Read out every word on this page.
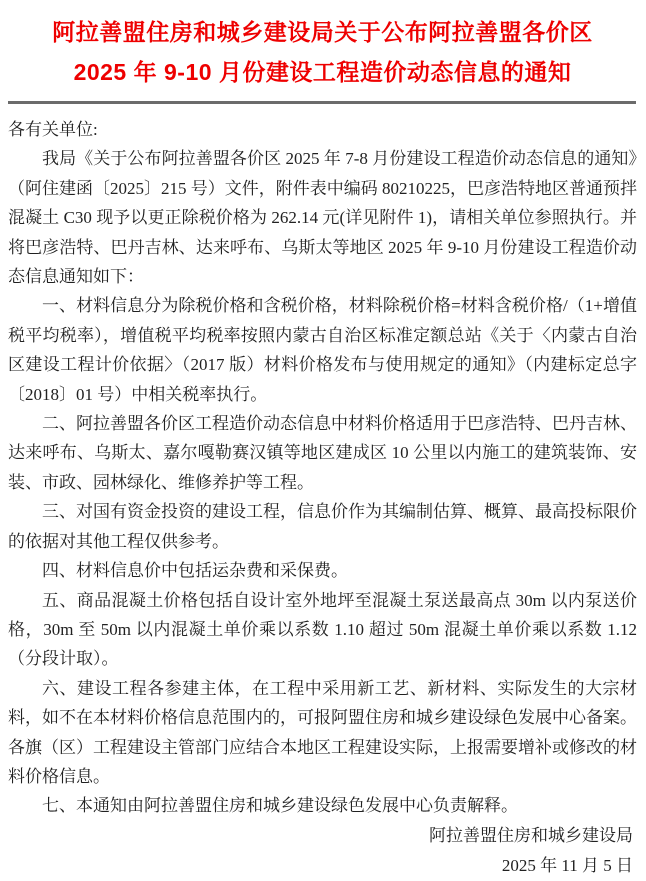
阿拉善盟住房和城乡建设局关于公布阿拉善盟各价区
2025 年 9-10 月份建设工程造价动态信息的通知

各有关单位:

我局《关于公布阿拉善盟各价区 2025 年 7-8 月份建设工程造价动态信息的通知》（阿住建函〔2025〕215 号）文件，附件表中编码 80210225，巴彦浩特地区普通预拌混凝土 C30 现予以更正除税价格为 262.14 元(详见附件 1)，请相关单位参照执行。并将巴彦浩特、巴丹吉林、达来呼布、乌斯太等地区 2025 年 9-10 月份建设工程造价动态信息通知如下：

一、材料信息分为除税价格和含税价格，材料除税价格=材料含税价格/（1+增值税平均税率），增值税平均税率按照内蒙古自治区标准定额总站《关于〈内蒙古自治区建设工程计价依据〉（2017 版）材料价格发布与使用规定的通知》（内建标定总字〔2018〕01 号）中相关税率执行。

二、阿拉善盟各价区工程造价动态信息中材料价格适用于巴彦浩特、巴丹吉林、达来呼布、乌斯太、嘉尔嘎勒赛汉镇等地区建成区 10 公里以内施工的建筑装饰、安装、市政、园林绿化、维修养护等工程。

三、对国有资金投资的建设工程，信息价作为其编制估算、概算、最高投标限价的依据对其他工程仅供参考。

四、材料信息价中包括运杂费和采保费。

五、商品混凝土价格包括自设计室外地坪至混凝土泵送最高点 30m 以内泵送价格，30m 至 50m 以内混凝土单价乘以系数 1.10 超过 50m 混凝土单价乘以系数 1.12（分段计取）。

六、建设工程各参建主体，在工程中采用新工艺、新材料、实际发生的大宗材料，如不在本材料价格信息范围内的，可报阿盟住房和城乡建设绿色发展中心备案。各旗（区）工程建设主管部门应结合本地区工程建设实际，上报需要增补或修改的材料价格信息。

七、本通知由阿拉善盟住房和城乡建设绿色发展中心负责解释。

阿拉善盟住房和城乡建设局

2025 年 11 月 5 日
